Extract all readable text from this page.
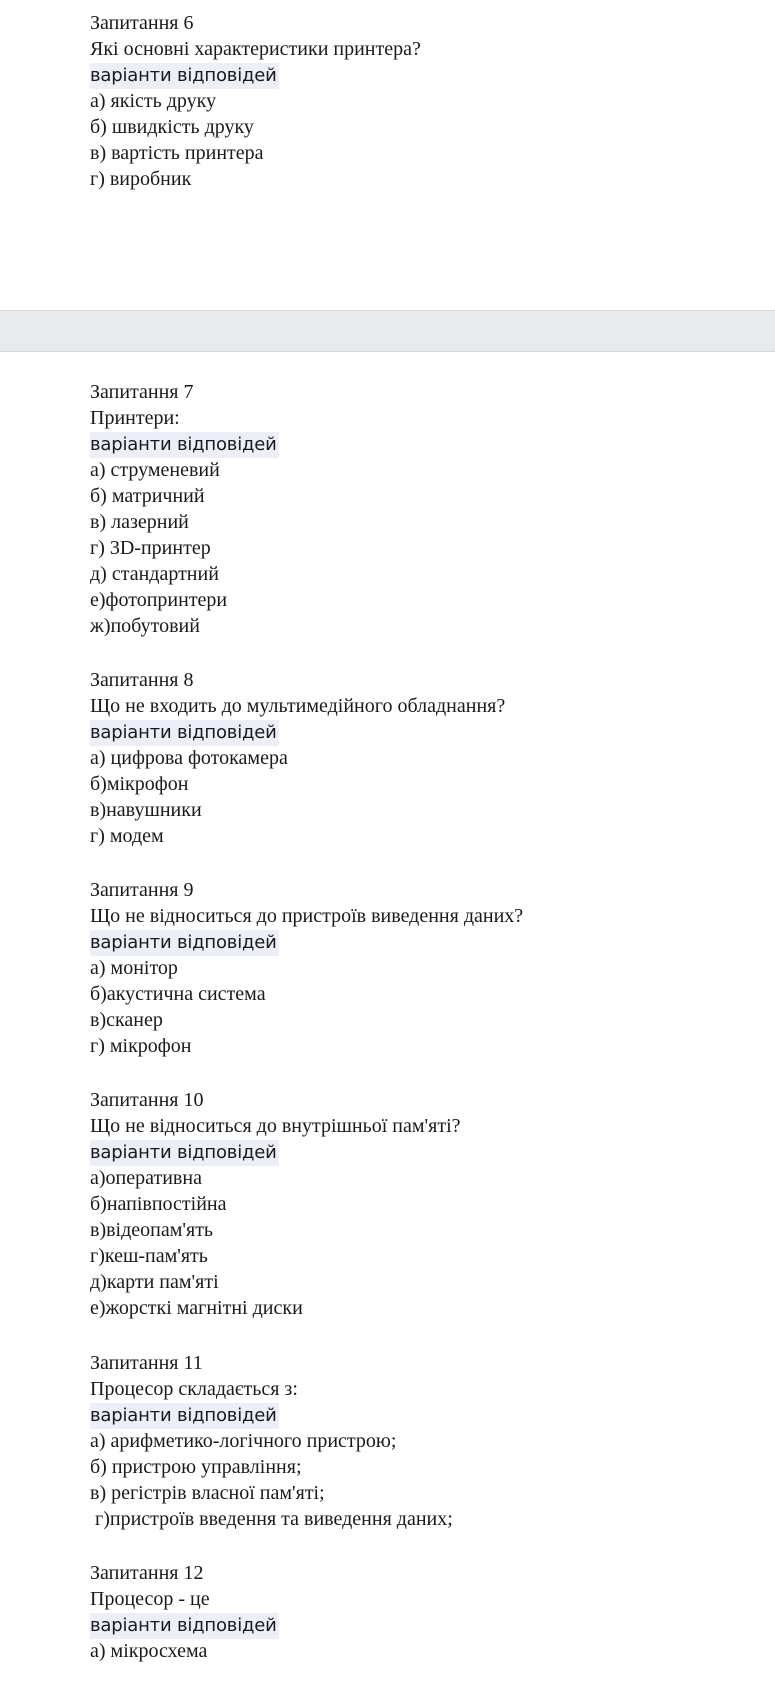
Запитання 6
Які основні характеристики принтера?
варіанти відповідей
а) якість друку
б) швидкість друку
в) вартість принтера
г) виробник
Запитання 7
Принтери:
варіанти відповідей
а) струменевий
б) матричний
в) лазерний
г) 3D-принтер
д) стандартний
е)фотопринтери
ж)побутовий
Запитання 8
Що не входить до мультимедійного обладнання?
варіанти відповідей
а) цифрова фотокамера
б)мікрофон
в)навушники
г) модем
Запитання 9
Що не відноситься до пристроїв виведення даних?
варіанти відповідей
а) монітор
б)акустична система
в)сканер
г) мікрофон
Запитання 10
Що не відноситься до внутрішньої пам'яті?
варіанти відповідей
а)оперативна
б)напівпостійна
в)відеопам'ять
г)кеш-пам'ять
д)карти пам'яті
е)жорсткі магнітні диски
Запитання 11
Процесор складається з:
варіанти відповідей
а) арифметико-логічного пристрою;
б) пристрою управління;
в) регістрів власної пам'яті;
г)пристроїв введення та виведення даних;
Запитання 12
Процесор - це
варіанти відповідей
а) мікросхема
